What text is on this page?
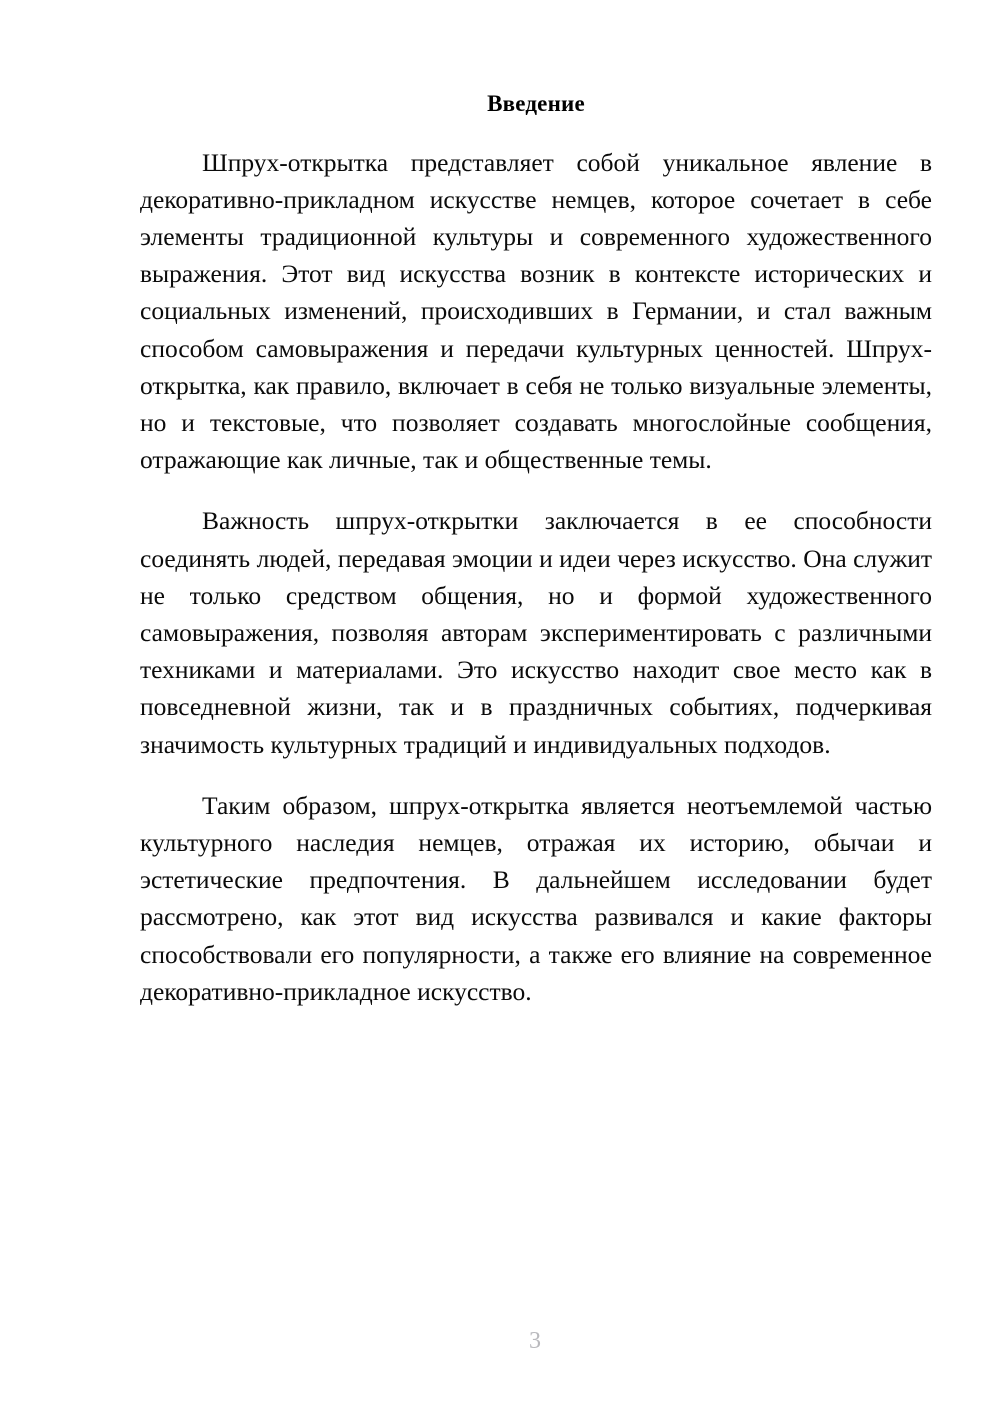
Введение

Шпрух-открытка представляет собой уникальное явление в декоративно-прикладном искусстве немцев, которое сочетает в себе элементы традиционной культуры и современного художественного выражения. Этот вид искусства возник в контексте исторических и социальных изменений, происходивших в Германии, и стал важным способом самовыражения и передачи культурных ценностей. Шпрух-открытка, как правило, включает в себя не только визуальные элементы, но и текстовые, что позволяет создавать многослойные сообщения, отражающие как личные, так и общественные темы.

Важность шпрух-открытки заключается в ее способности соединять людей, передавая эмоции и идеи через искусство. Она служит не только средством общения, но и формой художественного самовыражения, позволяя авторам экспериментировать с различными техниками и материалами. Это искусство находит свое место как в повседневной жизни, так и в праздничных событиях, подчеркивая значимость культурных традиций и индивидуальных подходов.

Таким образом, шпрух-открытка является неотъемлемой частью культурного наследия немцев, отражая их историю, обычаи и эстетические предпочтения. В дальнейшем исследовании будет рассмотрено, как этот вид искусства развивался и какие факторы способствовали его популярности, а также его влияние на современное декоративно-прикладное искусство.

3
